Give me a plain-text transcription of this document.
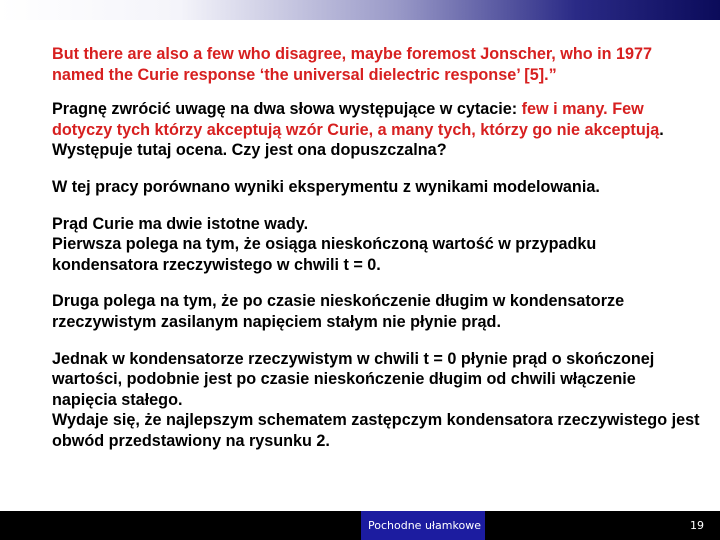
But there are also a few who disagree, maybe foremost Jonscher, who in 1977 named the Curie response ‘the universal dielectric response’ [5].”

Pragnę zwrócić uwagę na dwa słowa występujące w cytacie: few i many. Few dotyczy tych którzy akceptują wzór Curie, a many tych, którzy go nie akceptują. Występuje tutaj ocena. Czy jest ona dopuszczalna?

W tej pracy porównano wyniki eksperymentu z wynikami modelowania.

Prąd Curie ma dwie istotne wady.
Pierwsza polega na tym, że osiąga nieskończoną wartość w przypadku kondensatora rzeczywistego w chwili t = 0.

Druga polega na tym, że po czasie nieskończenie długim w kondensatorze rzeczywistym zasilanym napięciem stałym nie płynie prąd.

Jednak w kondensatorze rzeczywistym w chwili t = 0 płynie prąd o skończonej wartości, podobnie jest po czasie nieskończenie długim od chwili włączenie napięcia stałego.
Wydaje się, że najlepszym schematem zastępczym kondensatora rzeczywistego jest obwód przedstawiony na rysunku 2.

Pochodne ułamkowe	19
